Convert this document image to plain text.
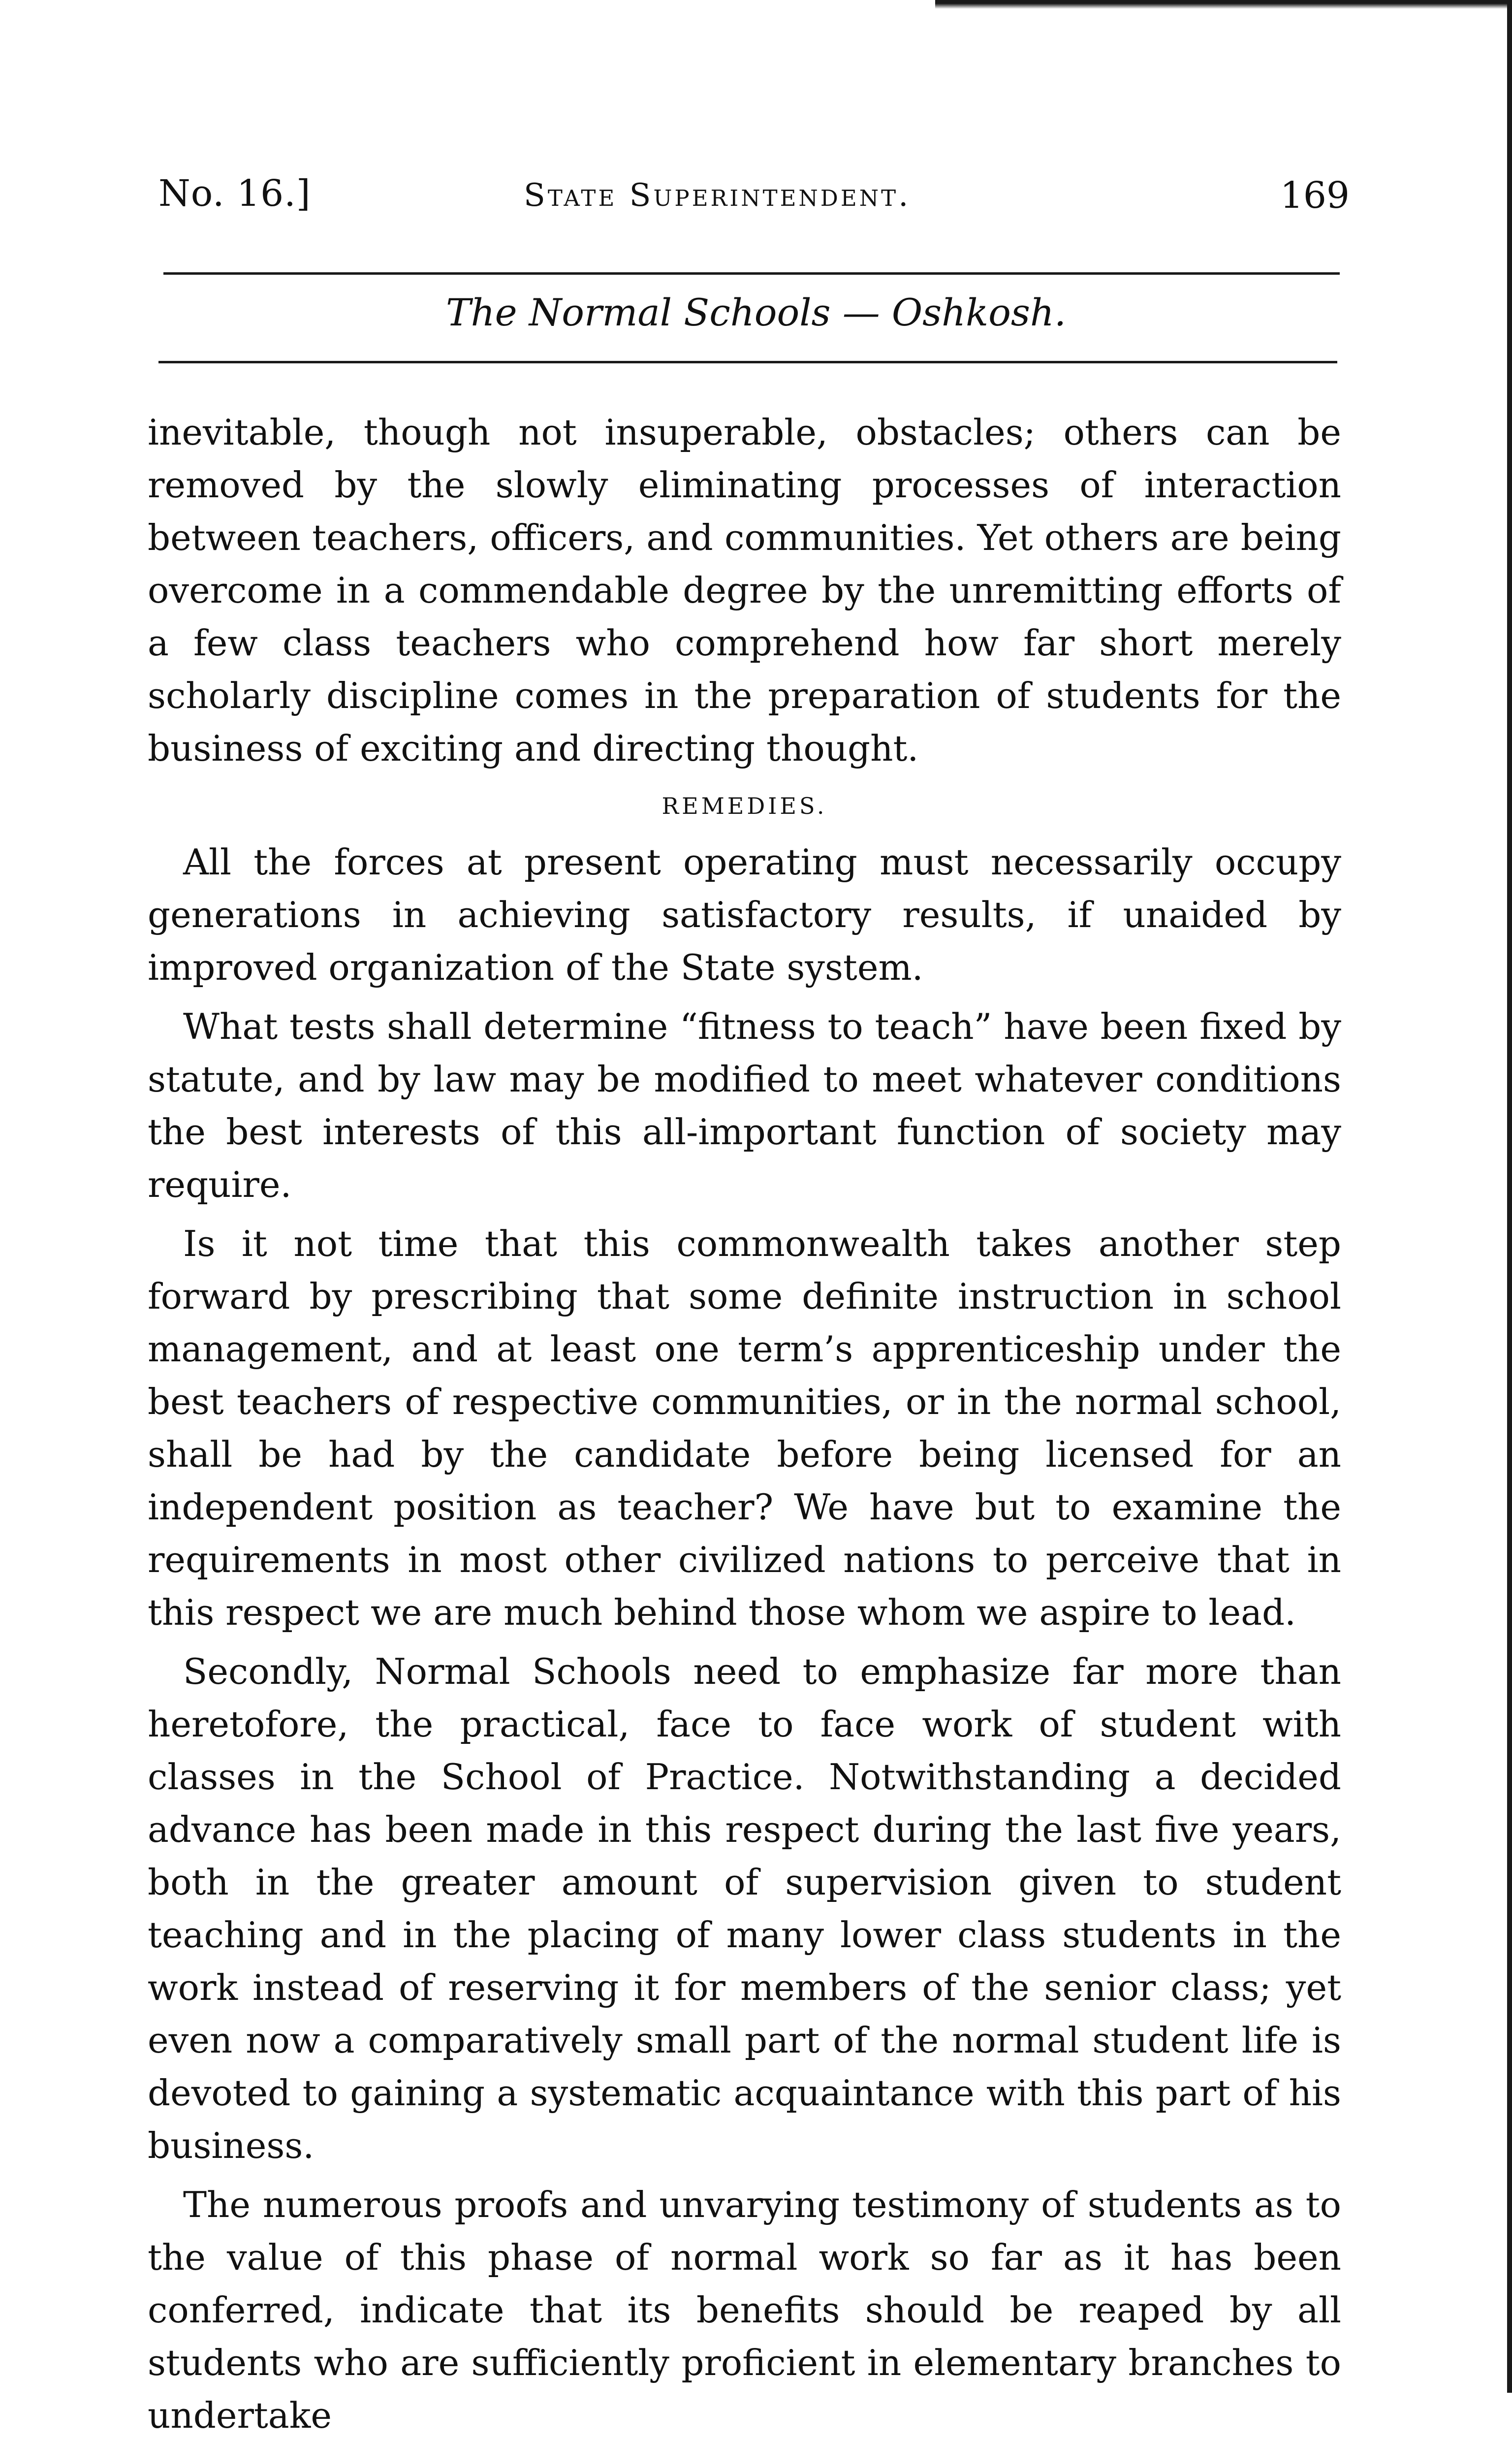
No. 16.]	State Superintendent.	169
The Normal Schools — Oshkosh.

inevitable, though not insuperable, obstacles; others can be removed by the slowly eliminating processes of interaction between teachers, officers, and communities. Yet others are being overcome in a commendable degree by the unremitting efforts of a few class teachers who comprehend how far short merely scholarly discipline comes in the preparation of students for the business of exciting and directing thought.

REMEDIES.

All the forces at present operating must necessarily occupy generations in achieving satisfactory results, if unaided by improved organization of the State system.

What tests shall determine “fitness to teach” have been fixed by statute, and by law may be modified to meet whatever conditions the best interests of this all-important function of society may require.

Is it not time that this commonwealth takes another step forward by prescribing that some definite instruction in school management, and at least one term’s apprenticeship under the best teachers of respective communities, or in the normal school, shall be had by the candidate before being licensed for an independent position as teacher? We have but to examine the requirements in most other civilized nations to perceive that in this respect we are much behind those whom we aspire to lead.

Secondly, Normal Schools need to emphasize far more than heretofore, the practical, face to face work of student with classes in the School of Practice. Notwithstanding a decided advance has been made in this respect during the last five years, both in the greater amount of supervision given to student teaching and in the placing of many lower class students in the work instead of reserving it for members of the senior class; yet even now a comparatively small part of the normal student life is devoted to gaining a systematic acquaintance with this part of his business.

The numerous proofs and unvarying testimony of students as to the value of this phase of normal work so far as it has been conferred, indicate that its benefits should be reaped by all students who are sufficiently proficient in elementary branches to undertake
